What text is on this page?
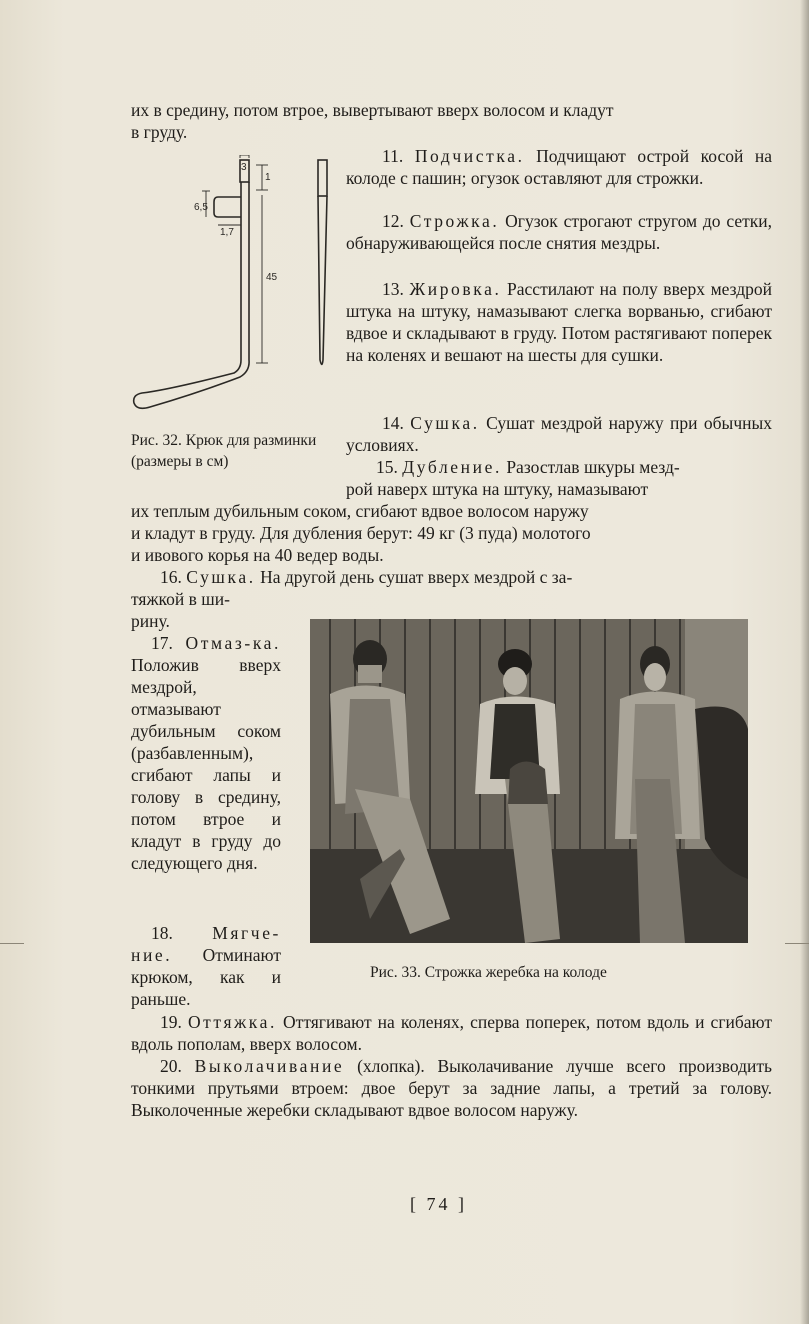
их в средину, потом втрое, вывертывают вверх волосом и кладут
в груду.

3
1
6,5
1,7
45
Рис. 32. Крюк для разминки (размеры в см)

11. Подчистка. Подчищают острой косой на колоде с пашин; огузок оставляют для строжки.

12. Строжка. Огузок строгают стругом до сетки, обнаруживающейся после снятия мездры.

13. Жировка. Расстилают на полу вверх мездрой штука на штуку, намазывают слегка ворванью, сгибают вдвое и складывают в груду. Потом растягивают поперек на коленях и вешают на шесты для сушки.

14. Сушка. Сушат мездрой наружу при обычных условиях.

15. Дубление. Разостлав шкуры мезд-
рой наверх штука на штуку, намазывают
их теплым дубильным соком, сгибают вдвое волосом наружу
и кладут в груду. Для дубления берут: 49 кг (3 пуда) молотого
и ивового корья на 40 ведер воды.

16. Сушка. На другой день сушат вверх мездрой с за-
тяжкой в ши-
рину.

17. Отмаз-ка. Положив вверх мездрой, отмазывают дубильным соком (разбавленным), сгибают лапы и голову в средину, потом втрое и кладут в груду до следующего дня.

18. Мягче-ние. Отминают крюком, как и раньше.

Рис. 33. Строжка жеребка на колоде

19. Оттяжка. Оттягивают на коленях, сперва поперек, потом вдоль и сгибают вдоль пополам, вверх волосом.

20. Выколачивание (хлопка). Выколачивание лучше всего производить тонкими прутьями втроем: двое берут за задние лапы, а третий за голову. Выколоченные жеребки складывают вдвое волосом наружу.

[ 74 ]
